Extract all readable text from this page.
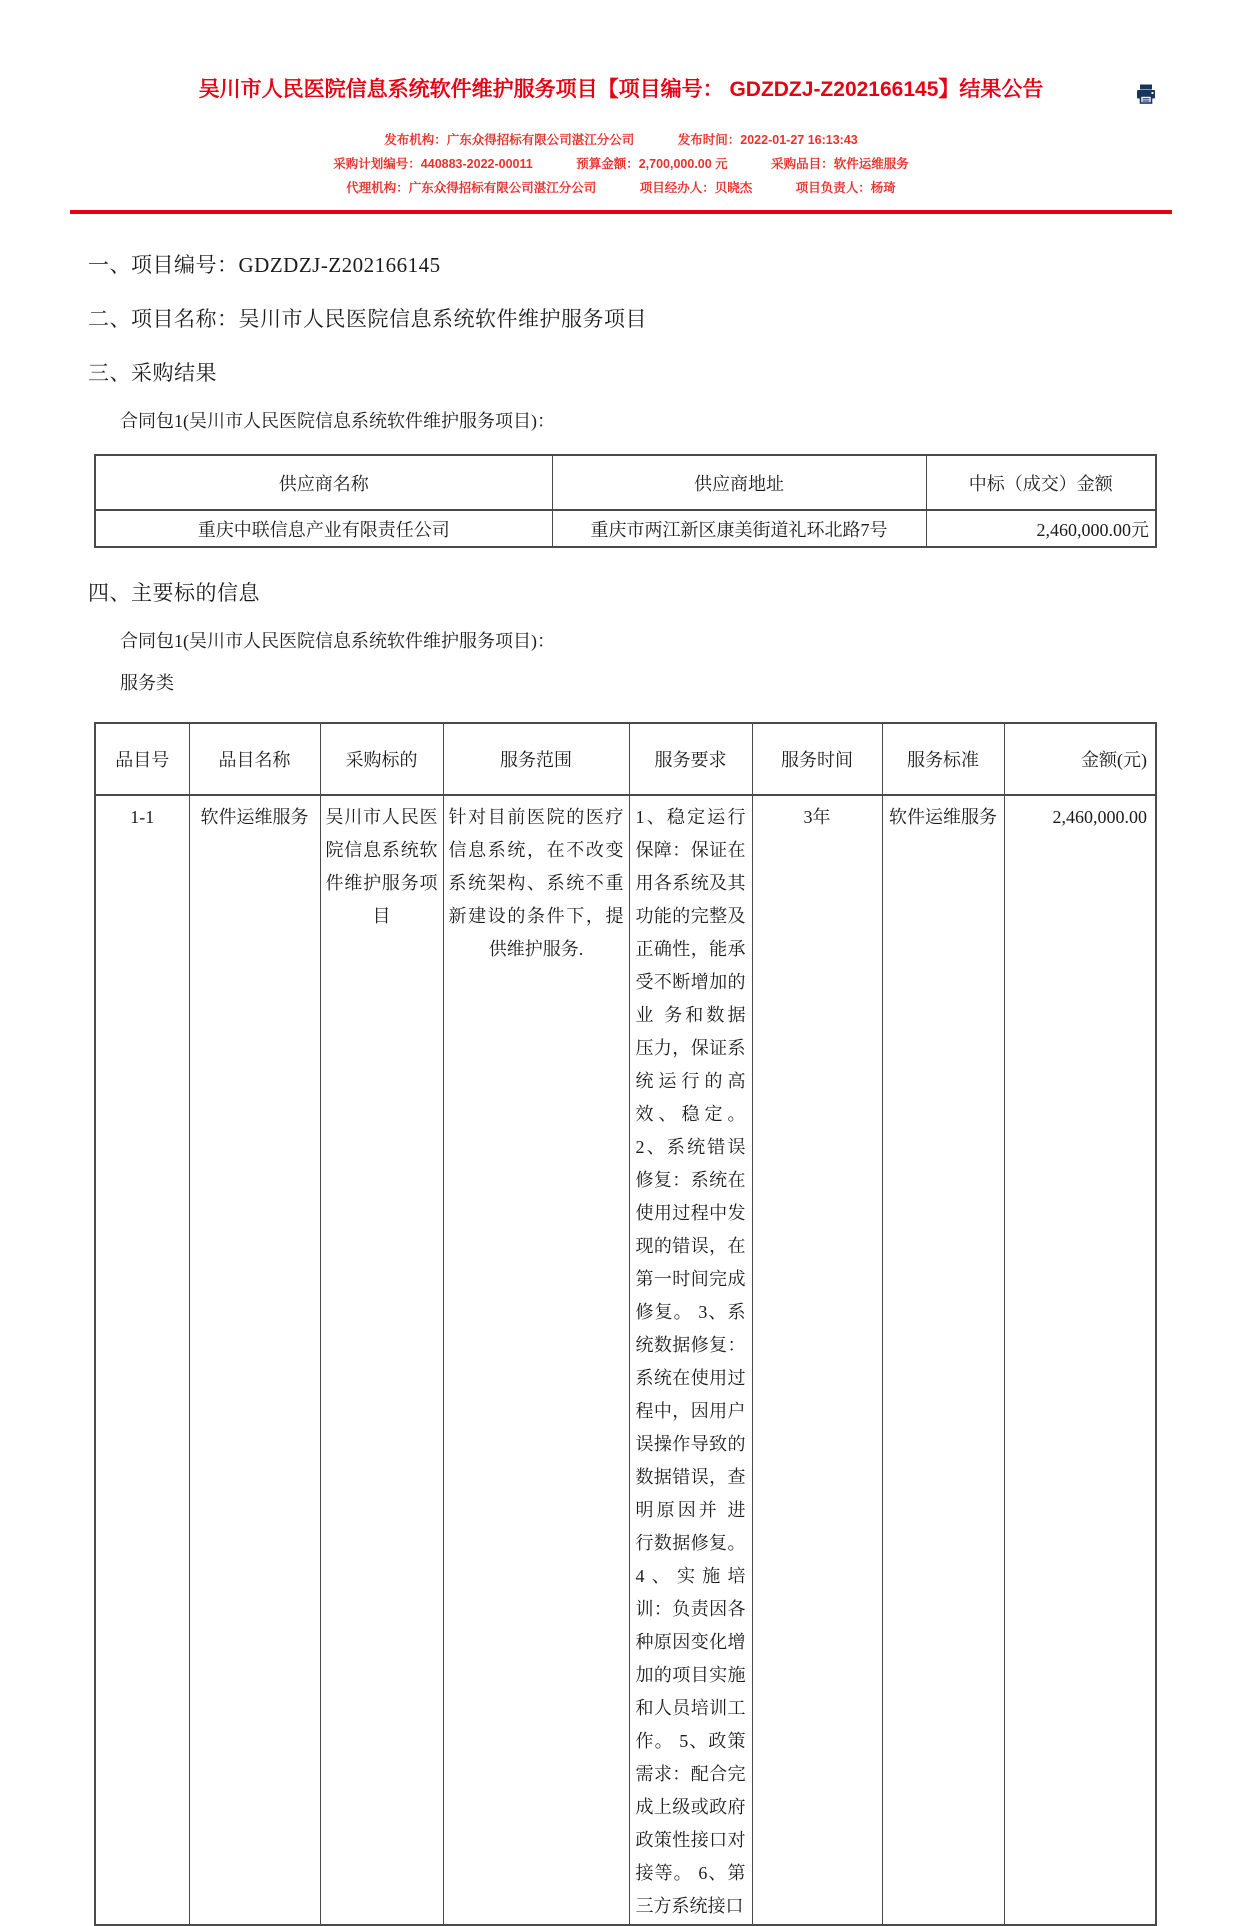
吴川市人民医院信息系统软件维护服务项目【项目编号： GDZDZJ-Z202166145】结果公告
发布机构：广东众得招标有限公司湛江分公司	发布时间：2022-01-27 16:13:43
采购计划编号：440883-2022-00011	预算金额：2,700,000.00 元	采购品目：软件运维服务
代理机构：广东众得招标有限公司湛江分公司	项目经办人：贝晓杰	项目负责人：杨琦
一、项目编号：GDZDZJ-Z202166145
二、项目名称：吴川市人民医院信息系统软件维护服务项目
三、采购结果

合同包1(吴川市人民医院信息系统软件维护服务项目)：

供应商名称	供应商地址	中标（成交）金额
重庆中联信息产业有限责任公司	重庆市两江新区康美街道礼环北路7号	2,460,000.00元
四、主要标的信息

合同包1(吴川市人民医院信息系统软件维护服务项目)：

服务类

品目号	品目名称	采购标的	服务范围	服务要求	服务时间	服务标准	金额(元)
1-1	软件运维服务	吴川市人民医院信息系统软件维护服务项目	针对目前医院的医疗信息系统，在不改变系统架构、系统不重新建设的条件下，提供维护服务.	1、稳定运行保障：保证在用各系统及其功能的完整及正确性，能承受不断增加的业 务和数据压力，保证系统运行的高效、稳定。 2、系统错误修复：系统在使用过程中发现的错误，在第一时间完成修复。 3、系统数据修复：系统在使用过程中，因用户误操作导致的数据错误，查明原因并 进行数据修复。 4、实施培训：负责因各种原因变化增加的项目实施和人员培训工作。 5、政策需求：配合完成上级或政府政策性接口对接等。 6、第三方系统接口	3年	软件运维服务	2,460,000.00
